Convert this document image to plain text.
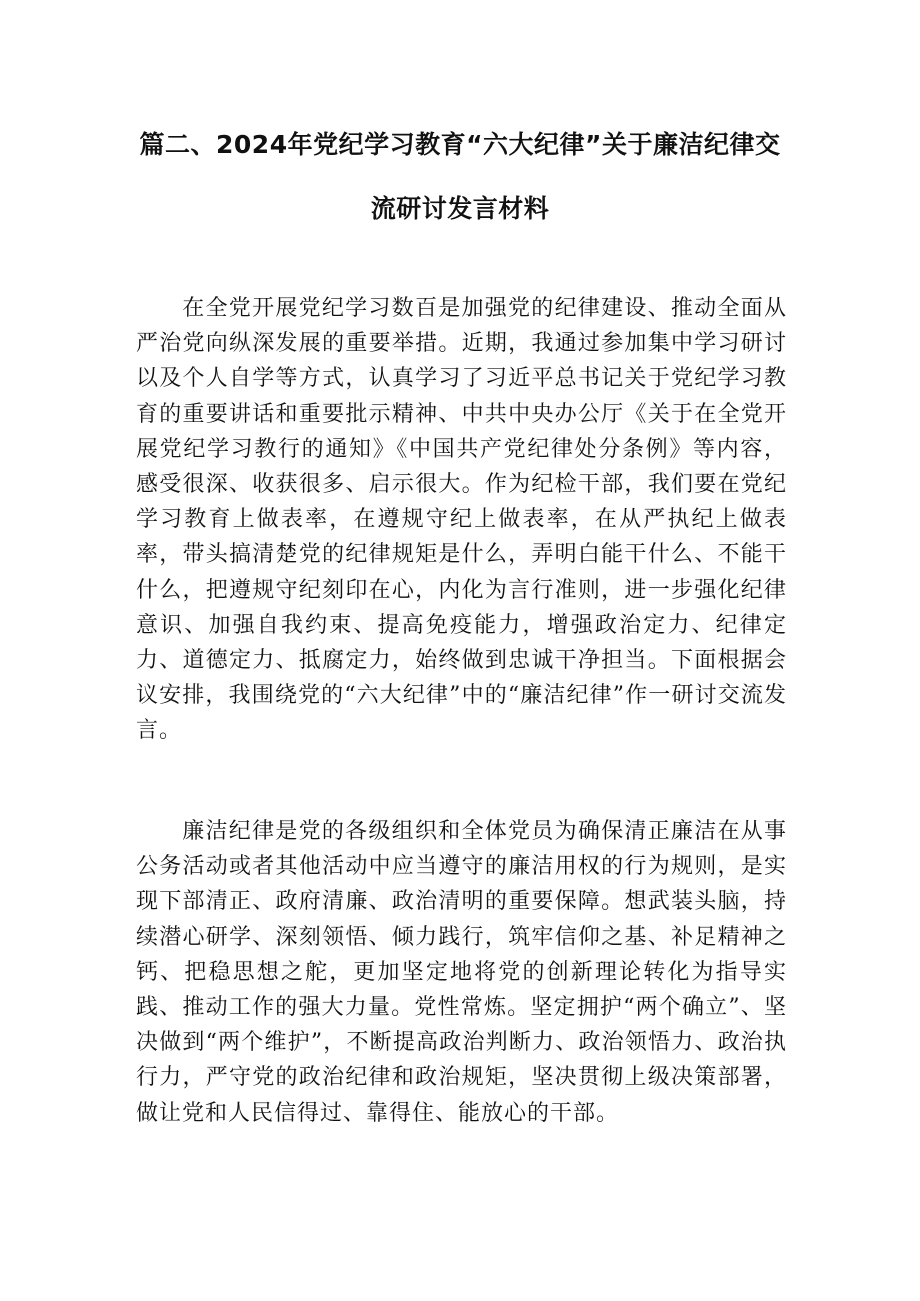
篇二、2024年党纪学习教育“六大纪律”关于廉洁纪律交
流研讨发言材料
在全党开展党纪学习数百是加强党的纪律建设、推动全面从严治党向纵深发展的重要举措。近期，我通过参加集中学习研讨以及个人自学等方式，认真学习了习近平总书记关于党纪学习教育的重要讲话和重要批示精神、中共中央办公厅《关于在全党开展党纪学习教行的通知》《中国共产党纪律处分条例》等内容，感受很深、收获很多、启示很大。作为纪检干部，我们要在党纪学习教育上做表率，在遵规守纪上做表率，在从严执纪上做表率，带头搞清楚党的纪律规矩是什么，弄明白能干什么、不能干什么，把遵规守纪刻印在心，内化为言行准则，进一步强化纪律意识、加强自我约束、提高免疫能力，增强政治定力、纪律定力、道德定力、抵腐定力，始终做到忠诚干净担当。下面根据会议安排，我围绕党的“六大纪律”中的“廉洁纪律”作一研讨交流发言。
廉洁纪律是党的各级组织和全体党员为确保清正廉洁在从事公务活动或者其他活动中应当遵守的廉洁用权的行为规则，是实现下部清正、政府清廉、政治清明的重要保障。想武装头脑，持续潜心研学、深刻领悟、倾力践行，筑牢信仰之基、补足精神之钙、把稳思想之舵，更加坚定地将党的创新理论转化为指导实践、推动工作的强大力量。党性常炼。坚定拥护“两个确立”、坚决做到“两个维护”，不断提高政治判断力、政治领悟力、政治执行力，严守党的政治纪律和政治规矩，坚决贯彻上级决策部署，做让党和人民信得过、靠得住、能放心的干部。
